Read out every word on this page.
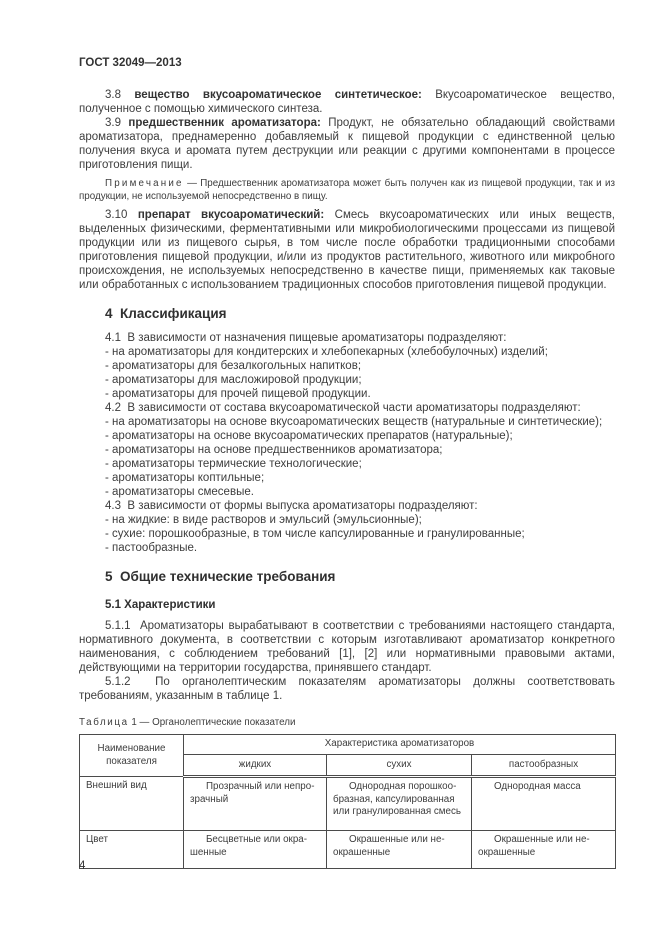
ГОСТ 32049—2013

3.8 вещество вкусоароматическое синтетическое: Вкусоароматическое вещество, полученное с помощью химического синтеза.

3.9 предшественник ароматизатора: Продукт, не обязательно обладающий свойствами ароматизатора, преднамеренно добавляемый к пищевой продукции с единственной целью получения вкуса и аромата путем деструкции или реакции с другими компонентами в процессе приготовления пищи.

Примечание — Предшественник ароматизатора может быть получен как из пищевой продукции, так и из продукции, не используемой непосредственно в пищу.

3.10 препарат вкусоароматический: Смесь вкусоароматических или иных веществ, выделенных физическими, ферментативными или микробиологическими процессами из пищевой продукции или из пищевого сырья, в том числе после обработки традиционными способами приготовления пищевой продукции, и/или из продуктов растительного, животного или микробного происхождения, не используемых непосредственно в качестве пищи, применяемых как таковые или обработанных с использованием традиционных способов приготовления пищевой продукции.

4  Классификация

4.1  В зависимости от назначения пищевые ароматизаторы подразделяют:

- на ароматизаторы для кондитерских и хлебопекарных (хлебобулочных) изделий;
- ароматизаторы для безалкогольных напитков;
- ароматизаторы для масложировой продукции;
- ароматизаторы для прочей пищевой продукции.

4.2  В зависимости от состава вкусоароматической части ароматизаторы подразделяют:

- на ароматизаторы на основе вкусоароматических веществ (натуральные и синтетические);
- ароматизаторы на основе вкусоароматических препаратов (натуральные);
- ароматизаторы на основе предшественников ароматизатора;
- ароматизаторы термические технологические;
- ароматизаторы коптильные;
- ароматизаторы смесевые.

4.3  В зависимости от формы выпуска ароматизаторы подразделяют:

- на жидкие: в виде растворов и эмульсий (эмульсионные);
- сухие: порошкообразные, в том числе капсулированные и гранулированные;
- пастообразные.
5  Общие технические требования
5.1 Характеристики

5.1.1  Ароматизаторы вырабатывают в соответствии с требованиями настоящего стандарта, нормативного документа, в соответствии с которым изготавливают ароматизатор конкретного наименования, с соблюдением требований [1], [2] или нормативными правовыми актами, действующими на территории государства, принявшего стандарт.

5.1.2  По органолептическим показателям ароматизаторы должны соответствовать требованиям, указанным в таблице 1.

Таблица 1 — Органолептические показатели

Наименование показателя	Характеристика ароматизаторов		
	жидких	сухих	пастообразных
Внешний вид	Прозрачный или непрозрачный	Однородная порошкообразная, капсулированная или гранулированная смесь	Однородная масса
Цвет	Бесцветные или окрашенные	Окрашенные или неокрашенные	Окрашенные или неокрашенные
4
